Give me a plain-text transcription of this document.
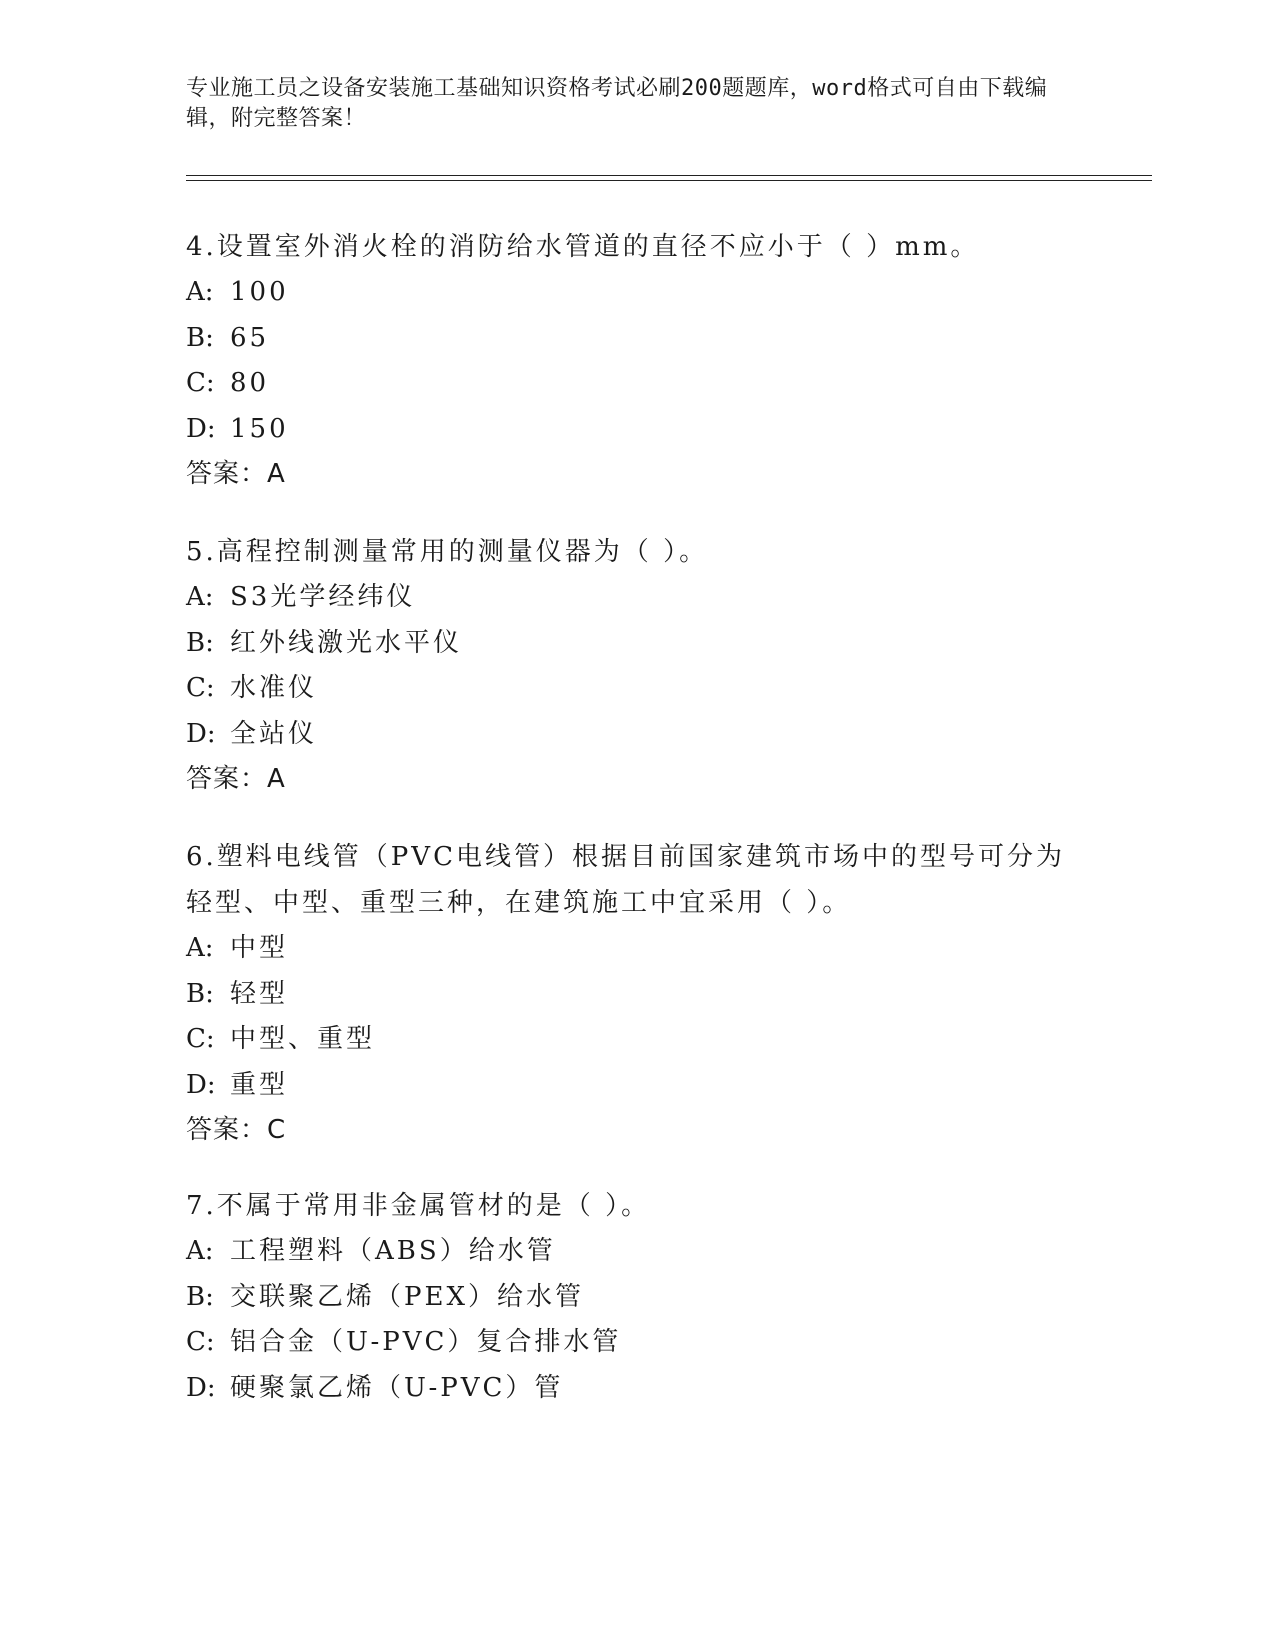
专业施工员之设备安装施工基础知识资格考试必刷200题题库，word格式可自由下载编辑，附完整答案！
4.设置室外消火栓的消防给水管道的直径不应小于（ ）mm。
A: 100
B: 65
C: 80
D: 150
答案：A
5.高程控制测量常用的测量仪器为（ ）。
A: S3光学经纬仪
B: 红外线激光水平仪
C: 水准仪
D: 全站仪
答案：A
6.塑料电线管（PVC电线管）根据目前国家建筑市场中的型号可分为轻型、中型、重型三种，在建筑施工中宜采用（ ）。
A: 中型
B: 轻型
C: 中型、重型
D: 重型
答案：C
7.不属于常用非金属管材的是（ ）。
A: 工程塑料（ABS）给水管
B: 交联聚乙烯（PEX）给水管
C: 铝合金（U-PVC）复合排水管
D: 硬聚氯乙烯（U-PVC）管
